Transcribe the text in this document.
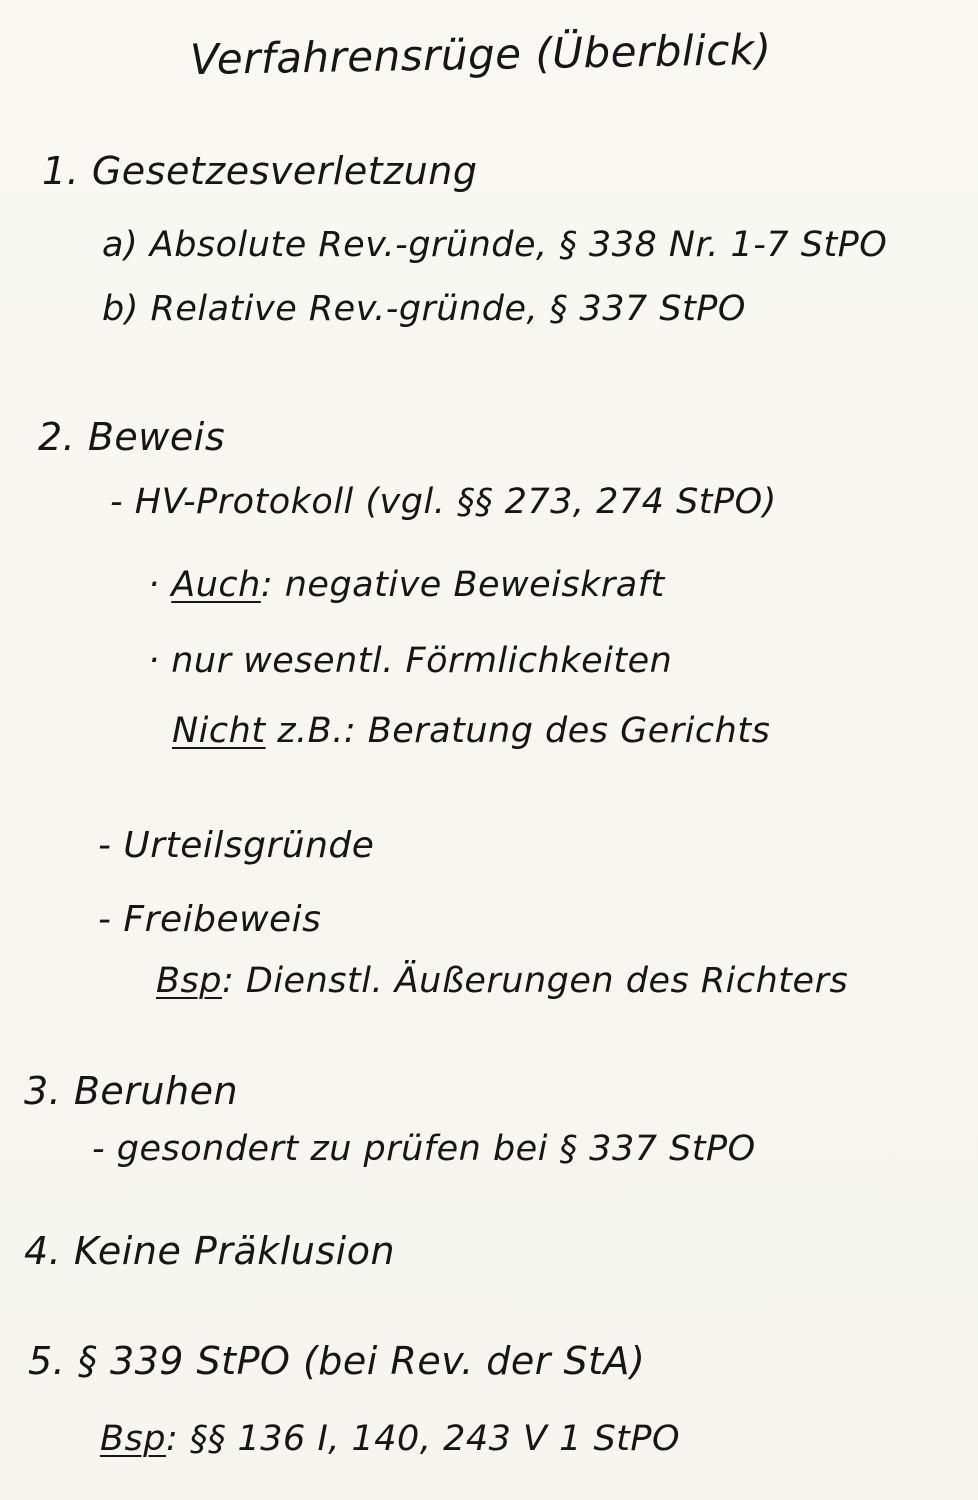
Verfahrensrüge (Überblick)
1. Gesetzesverletzung
a) Absolute Rev.-gründe, § 338 Nr. 1-7 StPO
b) Relative Rev.-gründe, § 337 StPO
2. Beweis
- HV-Protokoll (vgl. §§ 273, 274 StPO)
· Auch: negative Beweiskraft
· nur wesentl. Förmlichkeiten
Nicht z.B.: Beratung des Gerichts
- Urteilsgründe
- Freibeweis
Bsp: Dienstl. Äußerungen des Richters
3. Beruhen
- gesondert zu prüfen bei § 337 StPO
4. Keine Präklusion
5. § 339 StPO (bei Rev. der StA)
Bsp: §§ 136 I, 140, 243 V 1 StPO
